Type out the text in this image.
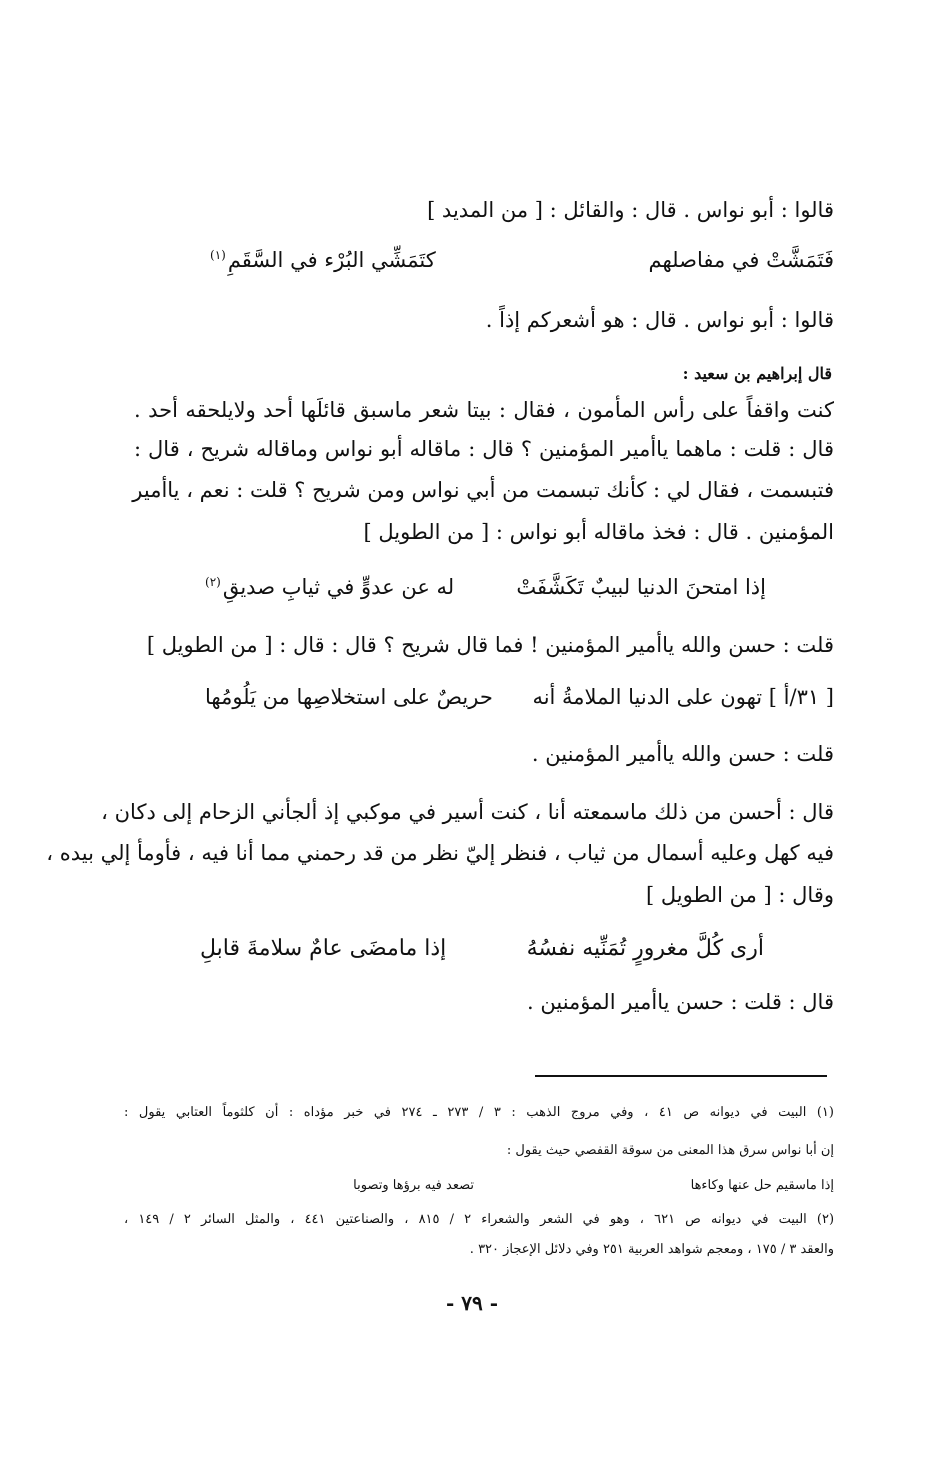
قالوا : أبو نواس . قال : والقائل : [ من المديد ]
فَتَمَشَّتْ في مفاصلهم
كتَمَشِّي البُرْء في السَّقَمِ$^{(١)}$
قالوا : أبو نواس . قال : هو أشعركم إذاً .
قال إبراهيم بن سعيد :
كنت واقفاً على رأس المأمون ، فقال : بيتا شعر ماسبق قائلَها أحد ولايلحقه أحد .
قال : قلت : ماهما ياأمير المؤمنين ؟ قال : ماقاله أبو نواس وماقاله شريح ، قال :
فتبسمت ، فقال لي : كأنك تبسمت من أبي نواس ومن شريح ؟ قلت : نعم ، ياأمير
المؤمنين . قال : فخذ ماقاله أبو نواس : [ من الطويل ]
إذا امتحنَ الدنيا لبيبٌ تَكَشَّفَتْ
له عن عدوٍّ في ثيابِ صديقِ$^{(٢)}$
قلت : حسن والله ياأمير المؤمنين ! فما قال شريح ؟ قال : قال : [ من الطويل ]
[ ٣١/أ ] تهون على الدنيا الملامةُ أنه
حريصٌ على استخلاصِها من يَلُومُها
قلت : حسن والله ياأمير المؤمنين .
قال : أحسن من ذلك ماسمعته أنا ، كنت أسير في موكبي إذ ألجأني الزحام إلى دكان ،
فيه كهل وعليه أسمال من ثياب ، فنظر إليّ نظر من قد رحمني مما أنا فيه ، فأومأ إلي بيده ،
وقال : [ من الطويل ]
أرى كُلَّ مغرورٍ تُمَنِّيه نفسُهُ
إذا مامضَى عامٌ سلامةَ قابلِ
قال : قلت : حسن ياأمير المؤمنين .
(١) البيت في ديوانه ص ٤١ ، وفي مروج الذهب : ٣ / ٢٧٣ ـ ٢٧٤ في خبر مؤداه : أن كلثوماً العتابي يقول :
إن أبا نواس سرق هذا المعنى من سوقة القفصي حيث يقول :
إذا ماسقيم حل عنها وكاءها
تصعد فيه برؤها وتصوبا
(٢) البيت في ديوانه ص ٦٢١ ، وهو في الشعر والشعراء ٢ / ٨١٥ ، والصناعتين ٤٤١ ، والمثل السائر ٢ / ١٤٩ ،
والعقد ٣ / ١٧٥ ، ومعجم شواهد العربية ٢٥١ وفي دلائل الإعجاز ٣٢٠ .
- ٧٩ -
